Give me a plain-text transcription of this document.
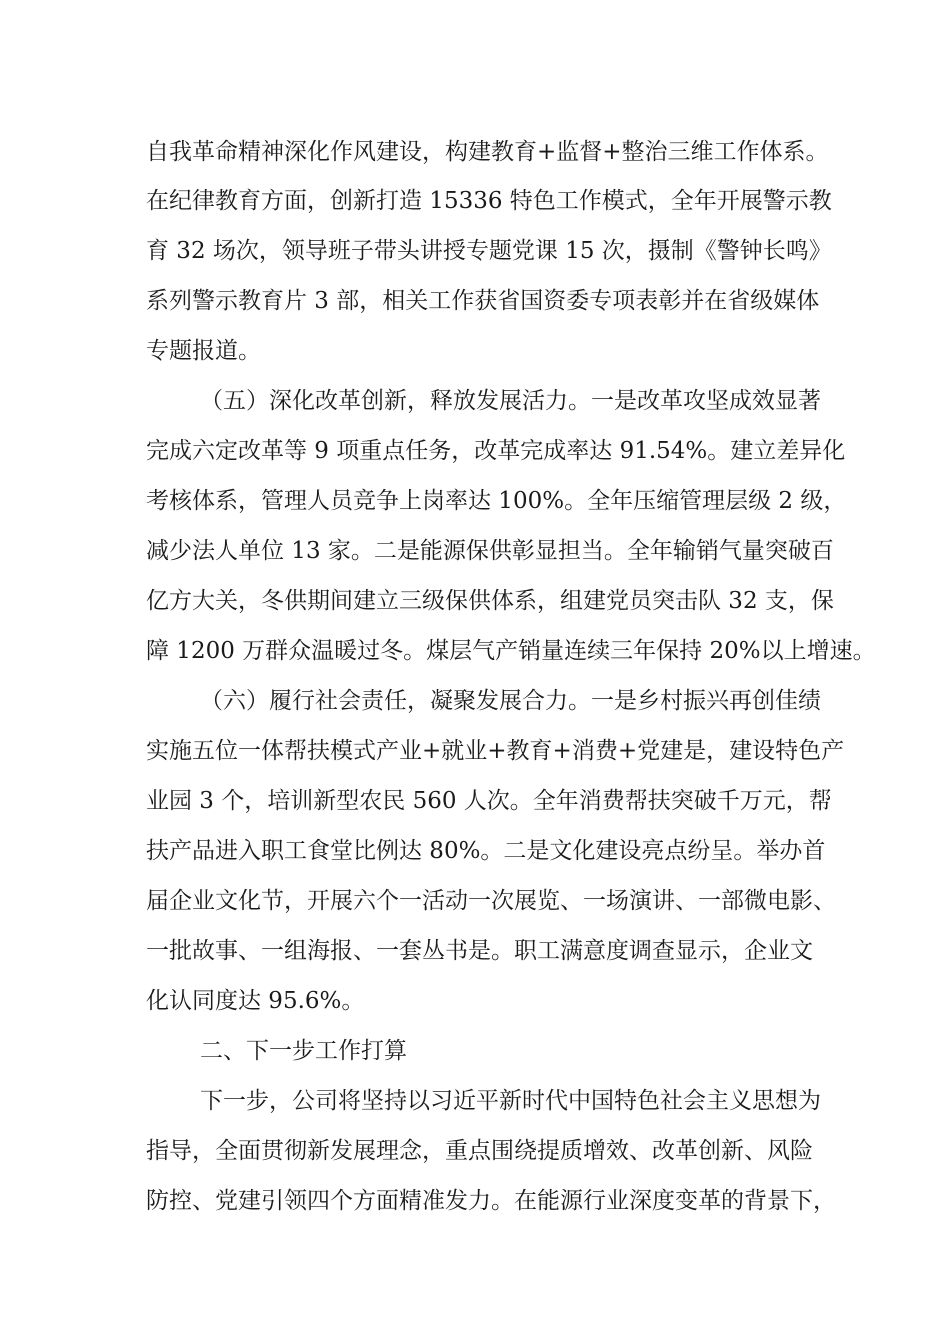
自我革命精神深化作风建设，构建教育+监督+整治三维工作体系。
在纪律教育方面，创新打造 15336 特色工作模式，全年开展警示教
育 32 场次，领导班子带头讲授专题党课 15 次，摄制《警钟长鸣》
系列警示教育片 3 部，相关工作获省国资委专项表彰并在省级媒体
专题报道。
（五）深化改革创新，释放发展活力。一是改革攻坚成效显著
完成六定改革等 9 项重点任务，改革完成率达 91.54%。建立差异化
考核体系，管理人员竞争上岗率达 100%。全年压缩管理层级 2 级，
减少法人单位 13 家。二是能源保供彰显担当。全年输销气量突破百
亿方大关，冬供期间建立三级保供体系，组建党员突击队 32 支，保
障 1200 万群众温暖过冬。煤层气产销量连续三年保持 20%以上增速。
（六）履行社会责任，凝聚发展合力。一是乡村振兴再创佳绩
实施五位一体帮扶模式产业+就业+教育+消费+党建是，建设特色产
业园 3 个，培训新型农民 560 人次。全年消费帮扶突破千万元，帮
扶产品进入职工食堂比例达 80%。二是文化建设亮点纷呈。举办首
届企业文化节，开展六个一活动一次展览、一场演讲、一部微电影、
一批故事、一组海报、一套丛书是。职工满意度调查显示，企业文
化认同度达 95.6%。
二、下一步工作打算
下一步，公司将坚持以习近平新时代中国特色社会主义思想为
指导，全面贯彻新发展理念，重点围绕提质增效、改革创新、风险
防控、党建引领四个方面精准发力。在能源行业深度变革的背景下，
